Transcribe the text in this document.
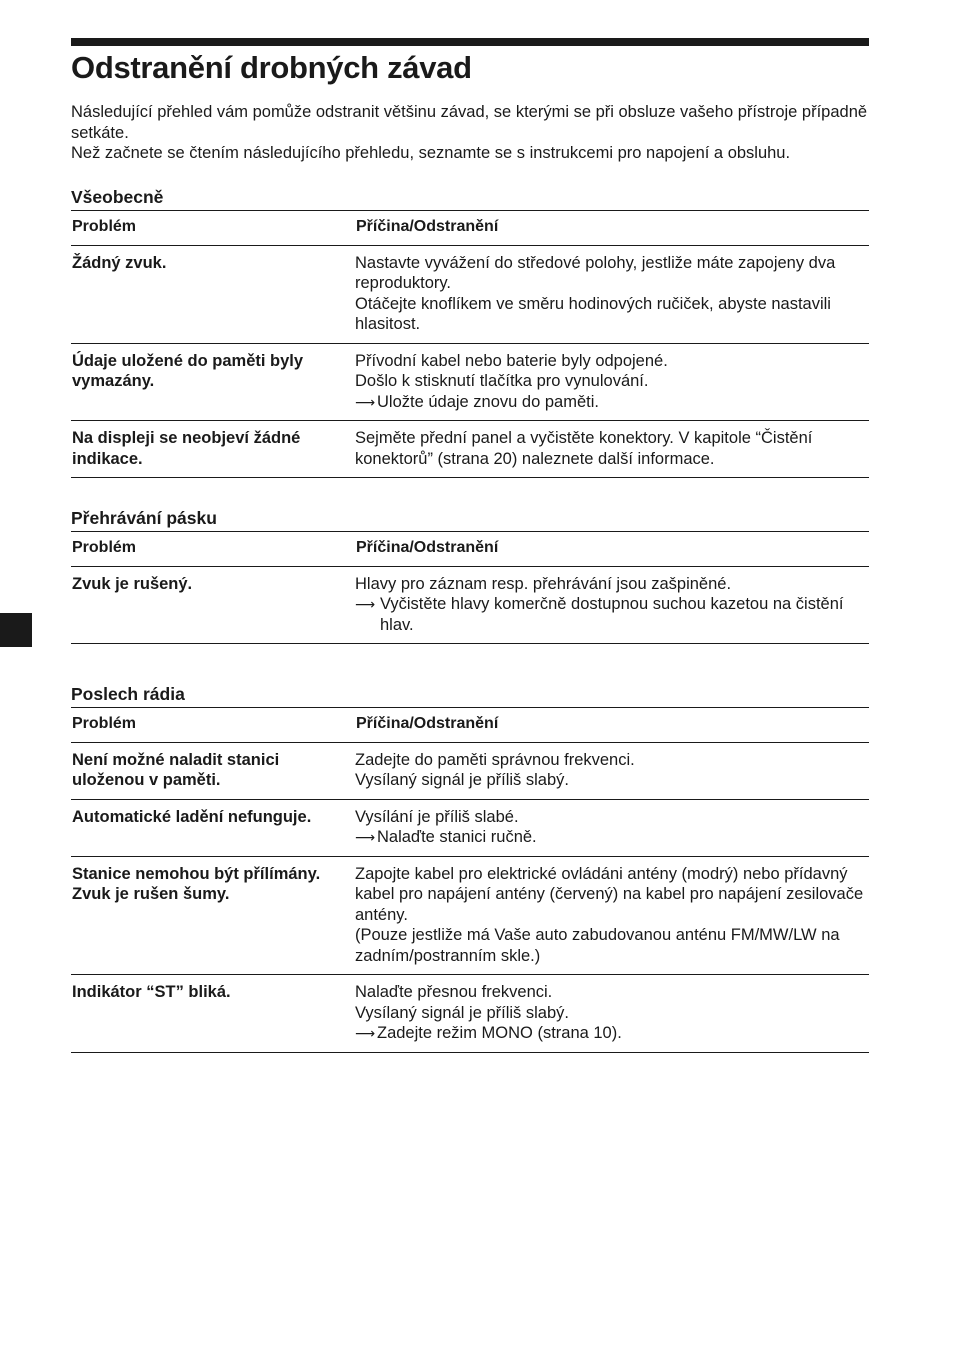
Odstranění drobných závad

Následující přehled vám pomůže odstranit většinu závad, se kterými se při obsluze vašeho přístroje případně setkáte.

Než začnete se čtením následujícího přehledu, seznamte se s instrukcemi pro napojení a obsluhu.

Všeobecně
Problém	Příčina/Odstranění
Žádný zvuk.	Nastavte vyvážení do středové polohy, jestliže máte zapojeny dva reproduktory.
Otáčejte knoflíkem ve směru hodinových ručiček, abyste nastavili hlasitost.

Údaje uložené do paměti byly vymazány.	Přívodní kabel nebo baterie byly odpojené.
Došlo k stisknutí tlačítka pro vynulování.
⟶ Uložte údaje znovu do paměti.

Na displeji se neobjeví žádné indikace.	Sejměte přední panel a vyčistěte konektory. V kapitole “Čistění konektorů” (strana 20) naleznete další informace.
Přehrávání pásku
Problém	Příčina/Odstranění
Zvuk je rušený.	Hlavy pro záznam resp. přehrávání jsou zašpiněné.
⟶ Vyčistěte hlavy komerčně dostupnou suchou kazetou na čistění hlav.
Poslech rádia
Problém	Příčina/Odstranění
Není možné naladit stanici uloženou v paměti.	Zadejte do paměti správnou frekvenci.
Vysílaný signál je příliš slabý.

Automatické ladění nefunguje.	Vysílání je příliš slabé.
⟶ Nalaďte stanici ručně.

Stanice nemohou být přílímány. Zvuk je rušen šumy.	Zapojte kabel pro elektrické ovládáni antény (modrý) nebo přídavný kabel pro napájení antény (červený) na kabel pro napájení zesilovače antény.
(Pouze jestliže má Vaše auto zabudovanou anténu FM/MW/LW na zadním/postranním skle.)

Indikátor “ST” bliká.	Nalaďte přesnou frekvenci.
Vysílaný signál je příliš slabý.
⟶ Zadejte režim MONO (strana 10).
